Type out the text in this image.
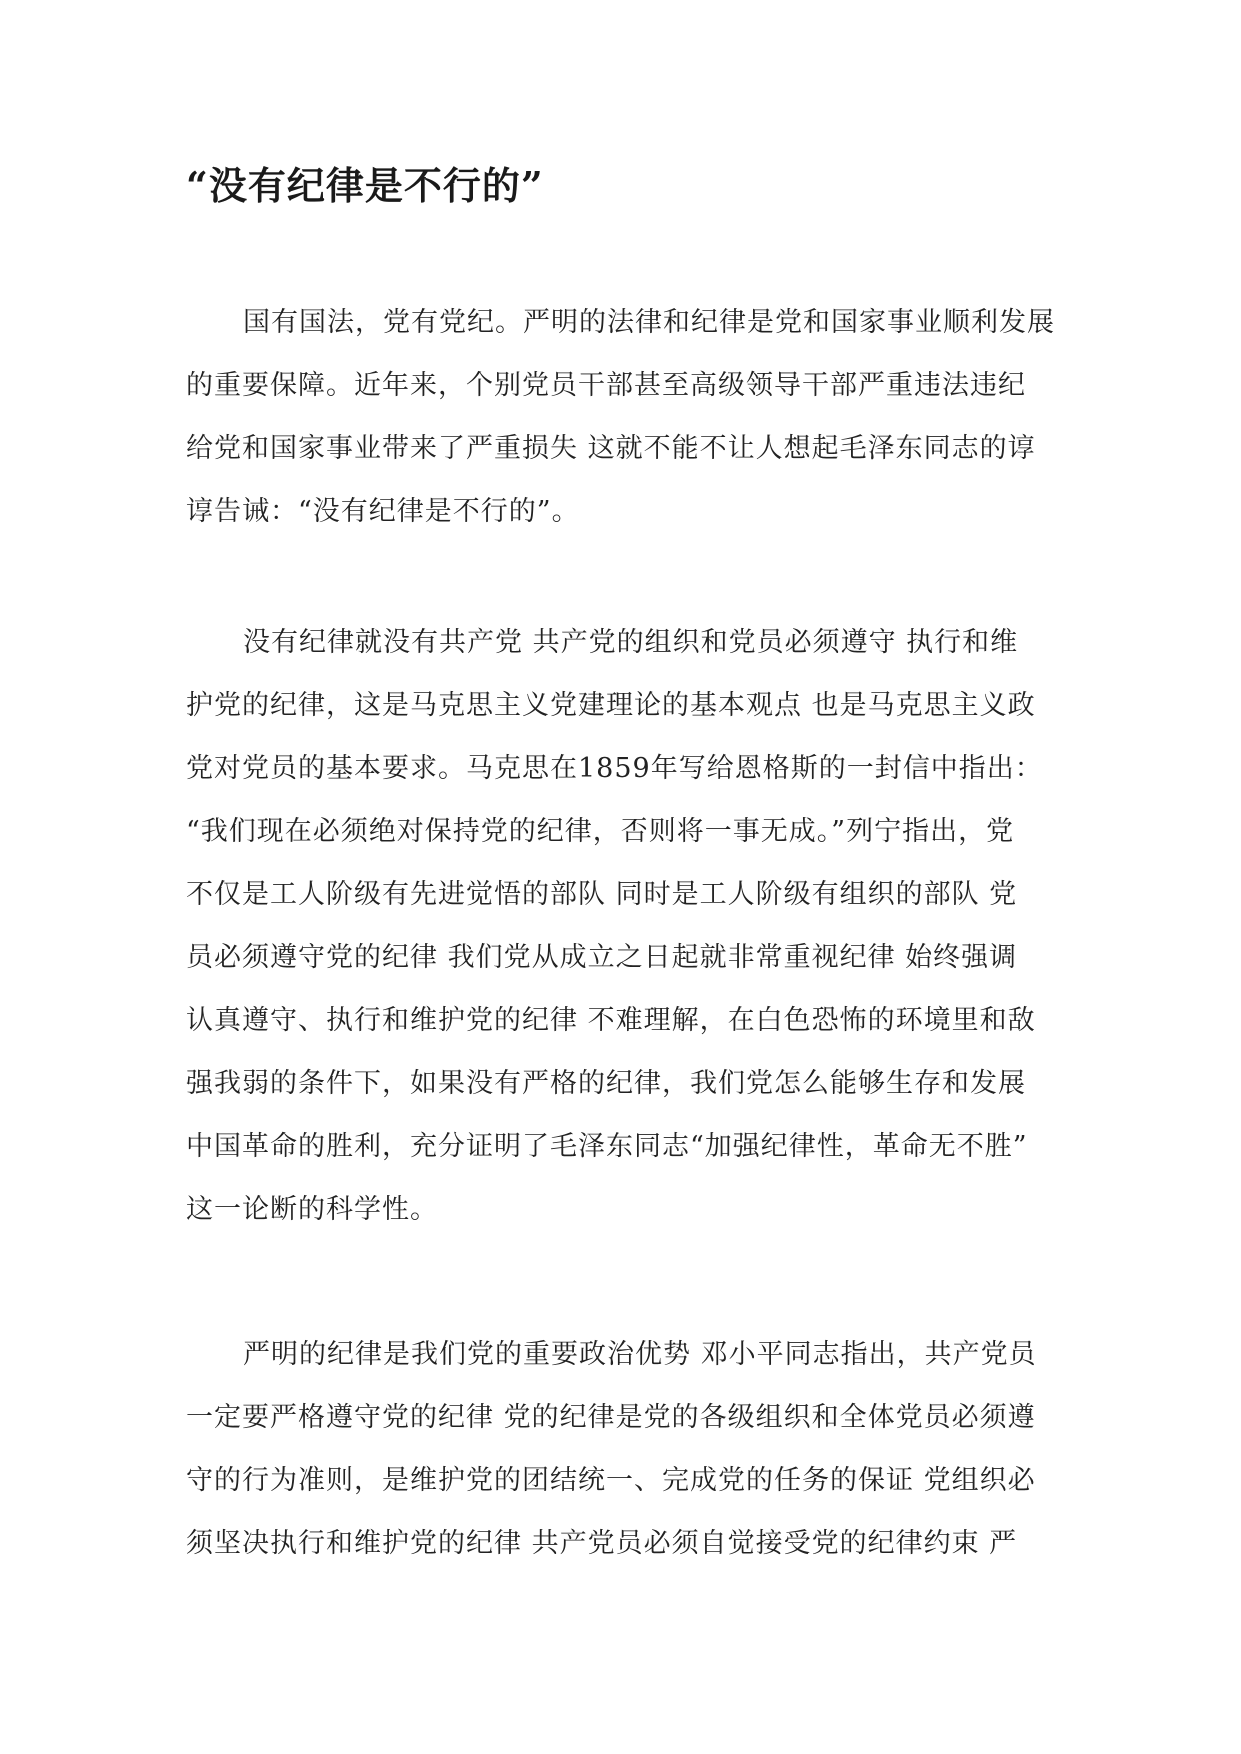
“没有纪律是不行的”
国有国法，党有党纪。严明的法律和纪律是党和国家事业顺利发展
的重要保障。近年来，个别党员干部甚至高级领导干部严重违法违纪
给党和国家事业带来了严重损失 这就不能不让人想起毛泽东同志的谆
谆告诫：“没有纪律是不行的”。
没有纪律就没有共产党 共产党的组织和党员必须遵守 执行和维
护党的纪律，这是马克思主义党建理论的基本观点 也是马克思主义政
党对党员的基本要求。马克思在1859年写给恩格斯的一封信中指出：
“我们现在必须绝对保持党的纪律，否则将一事无成。”列宁指出，党
不仅是工人阶级有先进觉悟的部队 同时是工人阶级有组织的部队 党
员必须遵守党的纪律 我们党从成立之日起就非常重视纪律 始终强调
认真遵守、执行和维护党的纪律 不难理解，在白色恐怖的环境里和敌
强我弱的条件下，如果没有严格的纪律，我们党怎么能够生存和发展
中国革命的胜利，充分证明了毛泽东同志“加强纪律性，革命无不胜”
这一论断的科学性。
严明的纪律是我们党的重要政治优势 邓小平同志指出，共产党员
一定要严格遵守党的纪律 党的纪律是党的各级组织和全体党员必须遵
守的行为准则，是维护党的团结统一、完成党的任务的保证 党组织必
须坚决执行和维护党的纪律 共产党员必须自觉接受党的纪律约束 严
